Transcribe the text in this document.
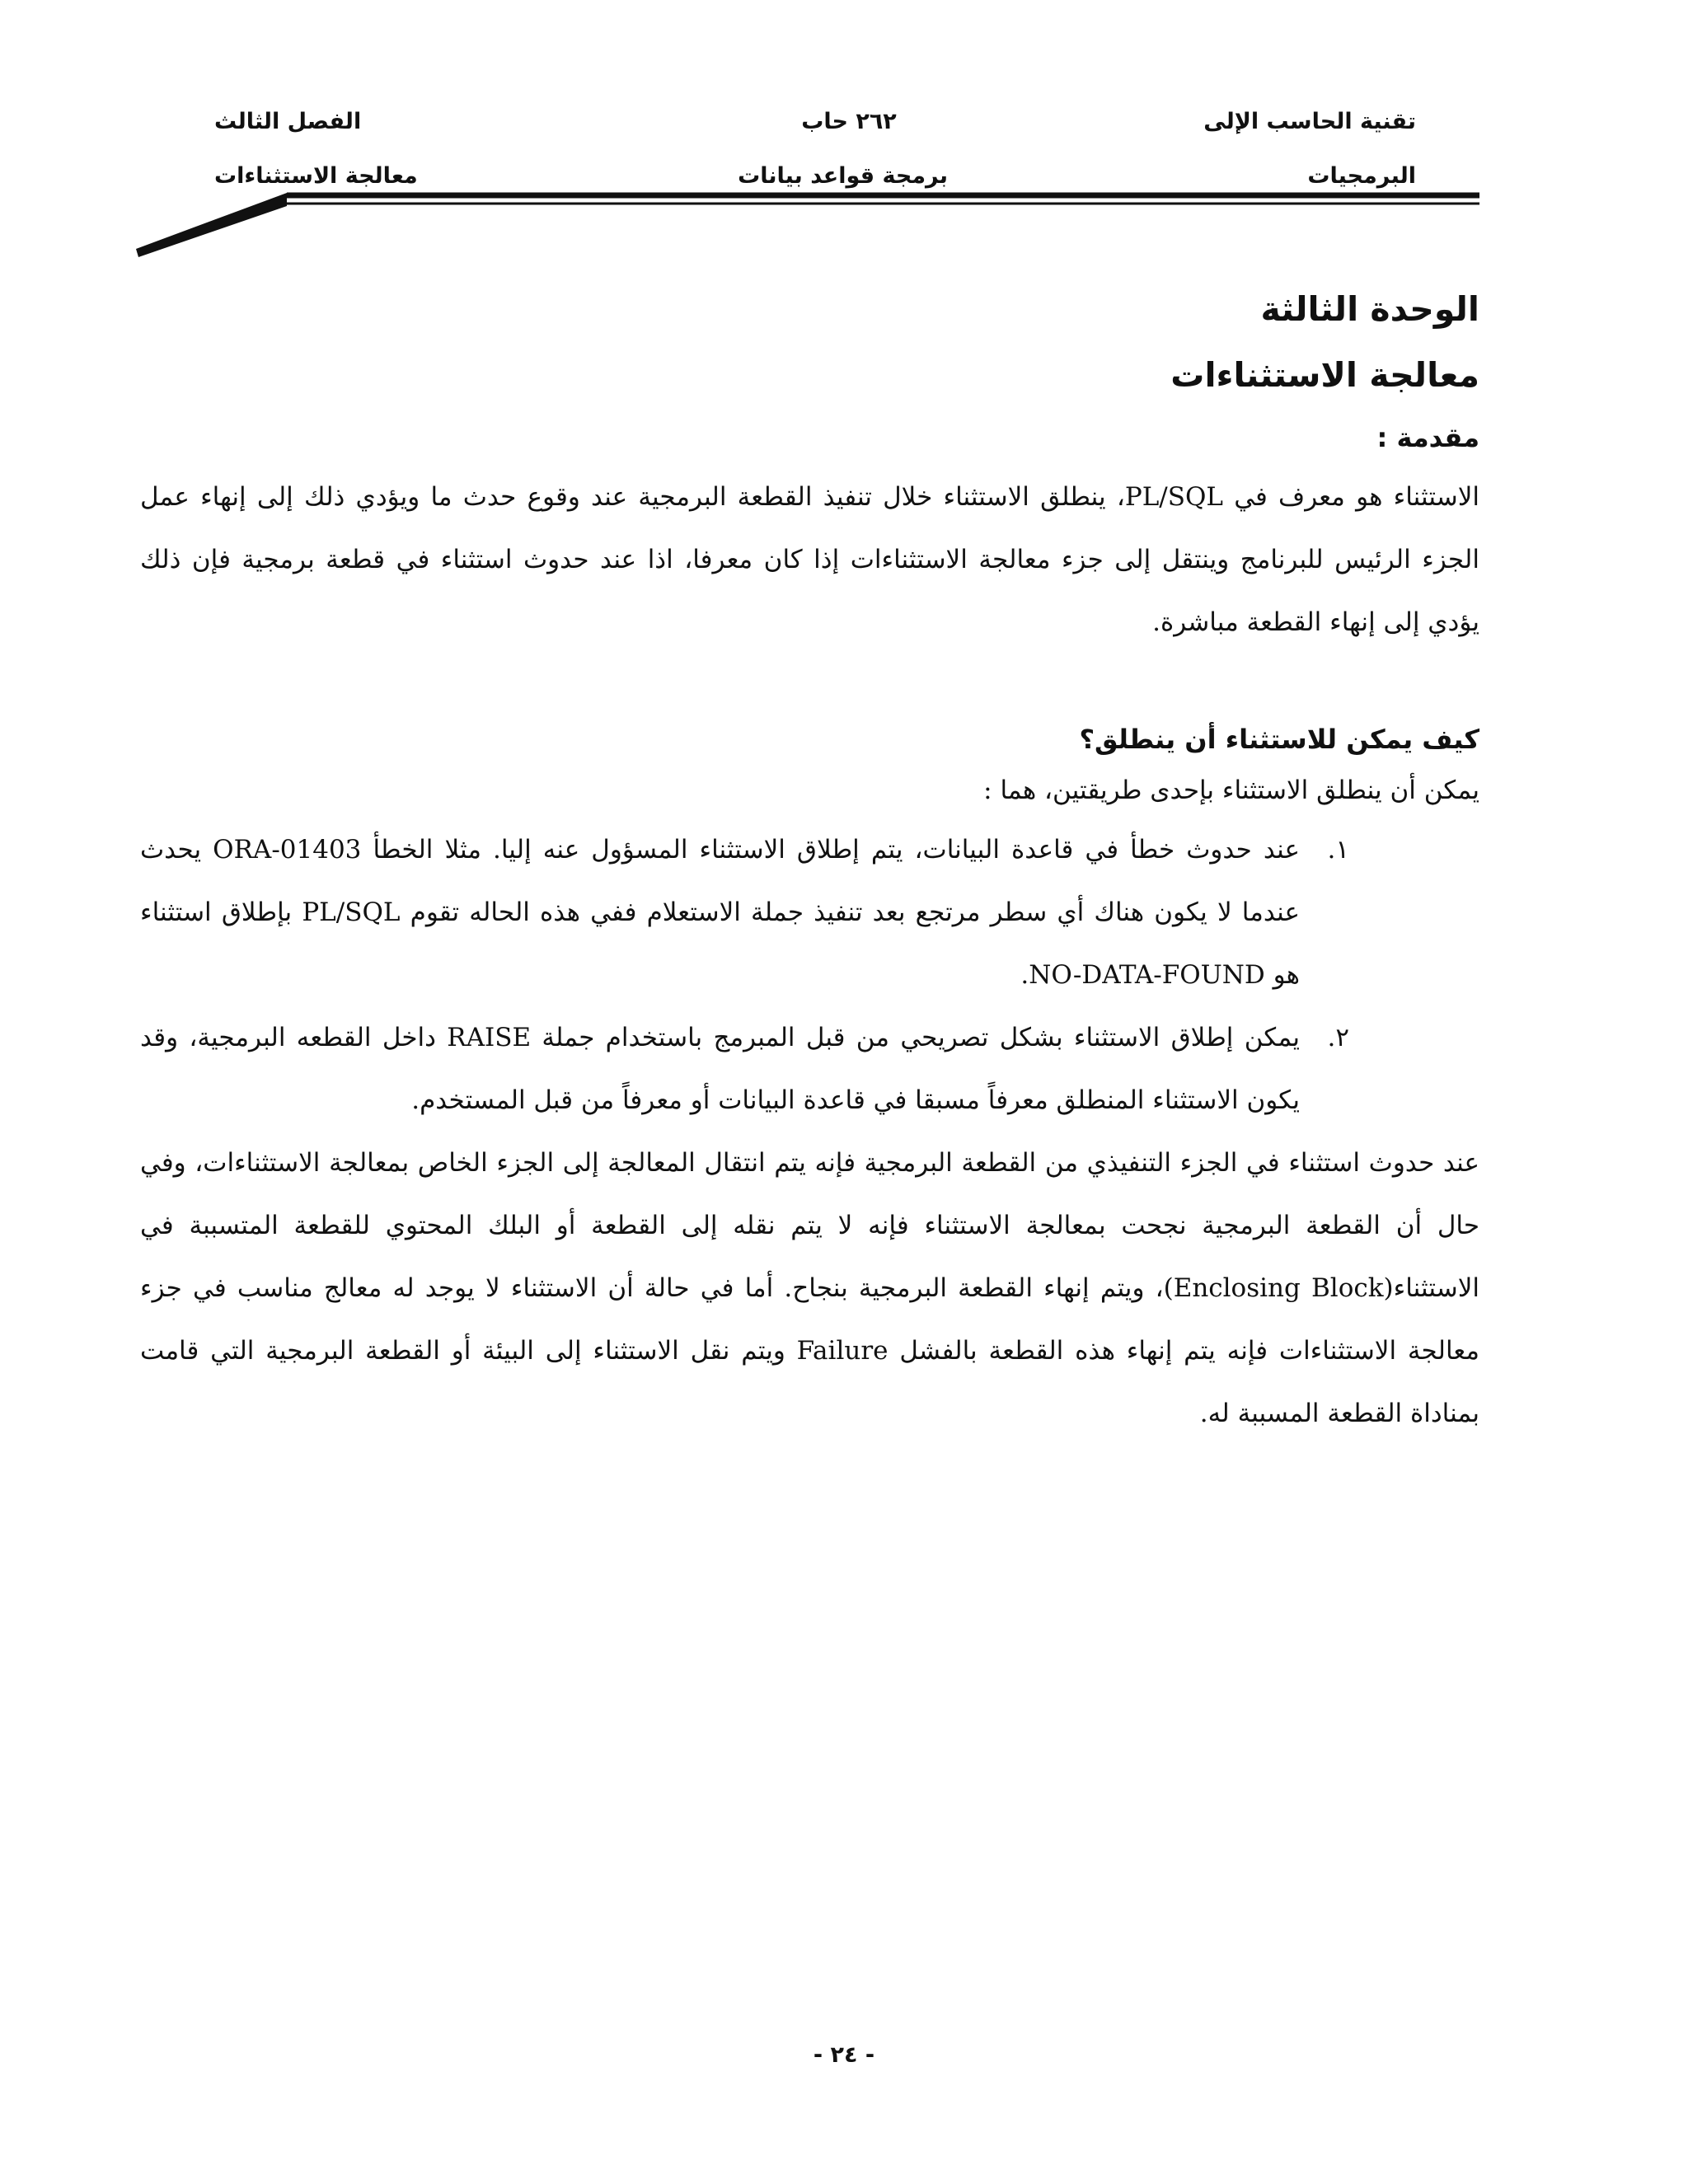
تقنية الحاسب الإلى
البرمجيات
٢٦٢ حاب
برمجة قواعد بيانات
الفصل الثالث
معالجة الاستثناءات
الوحدة الثالثة
معالجة الاستثناءات
مقدمة :

الاستثناء هو معرف في PL/SQL، ينطلق الاستثناء خلال تنفيذ القطعة البرمجية عند وقوع حدث ما ويؤدي ذلك إلى إنهاء عمل الجزء الرئيس للبرنامج وينتقل إلى جزء معالجة الاستثناءات إذا كان معرفا، اذا عند حدوث استثناء في قطعة برمجية فإن ذلك يؤدي إلى إنهاء القطعة مباشرة.

كيف يمكن للاستثناء أن ينطلق؟
يمكن أن ينطلق الاستثناء بإحدى طريقتين، هما :
١.
عند حدوث خطأ في قاعدة البيانات، يتم إطلاق الاستثناء المسؤول عنه إليا. مثلا الخطأ ORA-01403 يحدث عندما لا يكون هناك أي سطر مرتجع بعد تنفيذ جملة الاستعلام ففي هذه الحاله تقوم PL/SQL بإطلاق استثناء هو NO-DATA-FOUND.
٢.
يمكن إطلاق الاستثناء بشكل تصريحي من قبل المبرمج باستخدام جملة RAISE داخل القطعه البرمجية، وقد يكون الاستثناء المنطلق معرفاً مسبقا في قاعدة البيانات أو معرفاً من قبل المستخدم.

عند حدوث استثناء في الجزء التنفيذي من القطعة البرمجية فإنه يتم انتقال المعالجة إلى الجزء الخاص بمعالجة الاستثناءات، وفي حال أن القطعة البرمجية نجحت بمعالجة الاستثناء فإنه لا يتم نقله إلى القطعة أو البلك المحتوي للقطعة المتسببة في الاستثناء(Enclosing Block)، ويتم إنهاء القطعة البرمجية بنجاح. أما في حالة أن الاستثناء لا يوجد له معالج مناسب في جزء معالجة الاستثناءات فإنه يتم إنهاء هذه القطعة بالفشل Failure ويتم نقل الاستثناء إلى البيئة أو القطعة البرمجية التي قامت بمناداة القطعة المسببة له.

- ٢٤ -
